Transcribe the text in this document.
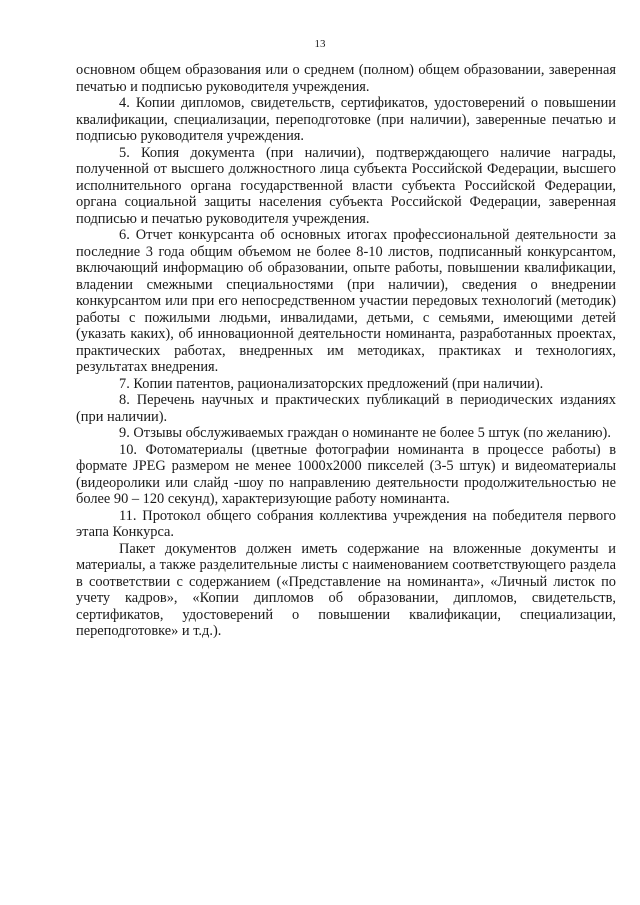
13

основном общем образования или о среднем (полном) общем образовании, заверенная печатью и подписью руководителя учреждения.

4. Копии дипломов, свидетельств, сертификатов, удостоверений о повышении квалификации, специализации, переподготовке (при наличии), заверенные печатью и подписью руководителя учреждения.

5. Копия документа (при наличии), подтверждающего наличие награды, полученной от высшего должностного лица субъекта Российской Федерации, высшего исполнительного органа государственной власти субъекта Российской Федерации, органа социальной защиты населения субъекта Российской Федерации, заверенная подписью и печатью руководителя учреждения.

6. Отчет конкурсанта об основных итогах профессиональной деятельности за последние 3 года общим объемом не более 8-10 листов, подписанный конкурсантом, включающий информацию об образовании, опыте работы, повышении квалификации, владении смежными специальностями (при наличии), сведения о внедрении конкурсантом или при его непосредственном участии передовых технологий (методик) работы с пожилыми людьми, инвалидами, детьми, с семьями, имеющими детей (указать каких), об инновационной деятельности номинанта, разработанных проектах, практических работах, внедренных им методиках, практиках и технологиях, результатах внедрения.

7. Копии патентов, рационализаторских предложений (при наличии).

8. Перечень научных и практических публикаций в периодических изданиях (при наличии).

9. Отзывы обслуживаемых граждан о номинанте не более 5 штук (по желанию).

10. Фотоматериалы (цветные фотографии номинанта в процессе работы) в формате JPEG размером не менее 1000х2000 пикселей (3-5 штук) и видеоматериалы (видеоролики или слайд -шоу по направлению деятельности продолжительностью не более 90 – 120 секунд), характеризующие работу номинанта.

11. Протокол общего собрания коллектива учреждения на победителя первого этапа Конкурса.

Пакет документов должен иметь содержание на вложенные документы и материалы, а также разделительные листы с наименованием соответствующего раздела в соответствии с содержанием («Представление на номинанта», «Личный листок по учету кадров», «Копии дипломов об образовании, дипломов, свидетельств, сертификатов, удостоверений о повышении квалификации, специализации, переподготовке» и т.д.).
